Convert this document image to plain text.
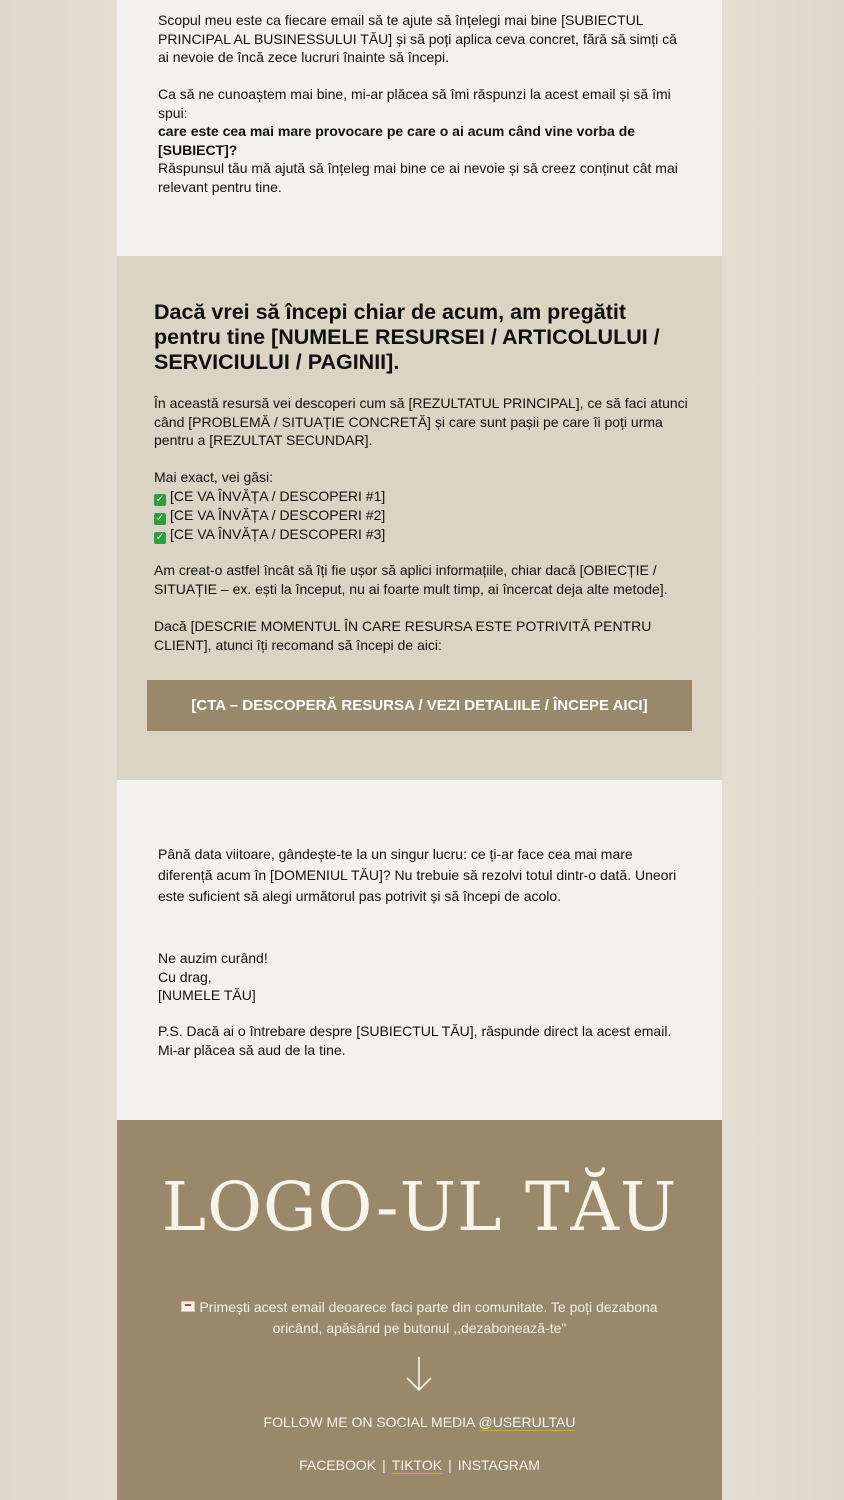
Scopul meu este ca fiecare email să te ajute să înțelegi mai bine [SUBIECTUL PRINCIPAL AL BUSINESSULUI TĂU] și să poți aplica ceva concret, fără să simți că ai nevoie de încă zece lucruri înainte să începi.

Ca să ne cunoaștem mai bine, mi-ar plăcea să îmi răspunzi la acest email și să îmi spui:
care este cea mai mare provocare pe care o ai acum când vine vorba de [SUBIECT]?

Răspunsul tău mă ajută să înțeleg mai bine ce ai nevoie și să creez conținut cât mai relevant pentru tine.

Dacă vrei să începi chiar de acum, am pregătit pentru tine [NUMELE RESURSEI / ARTICOLULUI / SERVICIULUI / PAGINII].

În această resursă vei descoperi cum să [REZULTATUL PRINCIPAL], ce să faci atunci când [PROBLEMĂ / SITUAȚIE CONCRETĂ] și care sunt pașii pe care îi poți urma pentru a [REZULTAT SECUNDAR].

Mai exact, vei găsi:
✓ [CE VA ÎNVĂȚA / DESCOPERI #1]
✓ [CE VA ÎNVĂȚA / DESCOPERI #2]
✓ [CE VA ÎNVĂȚA / DESCOPERI #3]

Am creat-o astfel încât să îți fie ușor să aplici informațiile, chiar dacă [OBIECȚIE / SITUAȚIE – ex. ești la început, nu ai foarte mult timp, ai încercat deja alte metode].

Dacă [DESCRIE MOMENTUL ÎN CARE RESURSA ESTE POTRIVITĂ PENTRU CLIENT], atunci îți recomand să începi de aici:

[CTA – DESCOPERĂ RESURSA / VEZI DETALIILE / ÎNCEPE AICI]

Până data viitoare, gândește-te la un singur lucru: ce ți-ar face cea mai mare diferență acum în [DOMENIUL TĂU]? Nu trebuie să rezolvi totul dintr-o dată. Uneori este suficient să alegi următorul pas potrivit și să începi de acolo.

Ne auzim curând!
Cu drag,
[NUMELE TĂU]

P.S. Dacă ai o întrebare despre [SUBIECTUL TĂU], răspunde direct la acest email. Mi-ar plăcea să aud de la tine.

LOGO-UL TĂU
Primești acest email deoarece faci parte din comunitate. Te poți dezabona oricând, apăsând pe butonul ,,dezabonează-te"
FOLLOW ME ON SOCIAL MEDIA @USERULTAU
FACEBOOK | TIKTOK | INSTAGRAM
